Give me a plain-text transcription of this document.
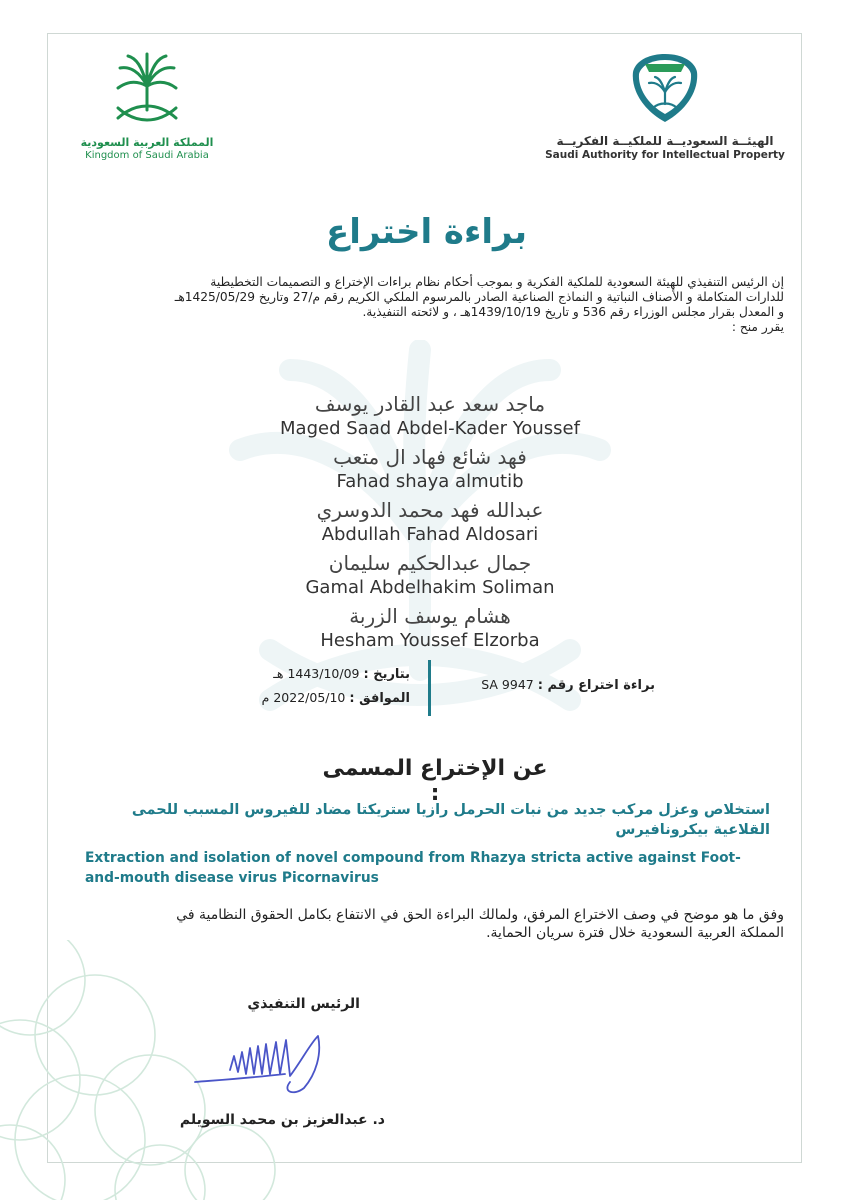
المملكة العربية السعودية
Kingdom of Saudi Arabia
الهيئــة السعوديــة للملكيــة الفكريــة
Saudi Authority for Intellectual Property
براءة اختراع

إن الرئيس التنفيذي للهيئة السعودية للملكية الفكرية و بموجب أحكام نظام براءات الإختراع و التصميمات التخطيطية

للدارات المتكاملة و الأصناف النباتية و النماذج الصناعية الصادر بالمرسوم الملكي الكريم رقم م/27 وتاريخ 1425/05/29هـ

و المعدل بقرار مجلس الوزراء رقم 536 و تاريخ 1439/10/19هـ ، و لائحته التنفيذية.

يقرر منح :

ماجد سعد عبد القادر يوسف
Maged Saad Abdel-Kader Youssef
فهد شائع فهاد ال متعب
Fahad shaya almutib
عبدالله فهد محمد الدوسري
Abdullah Fahad Aldosari
جمال عبدالحكيم سليمان
Gamal Abdelhakim Soliman
هشام يوسف الزربة
Hesham Youssef Elzorba
بتاريخ : 1443/10/09 هـ
الموافق : 2022/05/10 م
براءة اختراع رقم : SA 9947
عن الإختراع المسمى :
استخلاص وعزل مركب جديد من نبات الحرمل رازيا ستريكتا مضاد للفيروس المسبب للحمى القلاعية بيكرونافيرس
Extraction and isolation of novel compound from Rhazya stricta active against Foot-and-mouth disease virus Picornavirus

وفق ما هو موضح في وصف الاختراع المرفق، ولمالك البراءة الحق في الانتفاع بكامل الحقوق النظامية في

المملكة العربية السعودية خلال فترة سريان الحماية.

الرئيس التنفيذي
د. عبدالعزيز بن محمد السويلم
